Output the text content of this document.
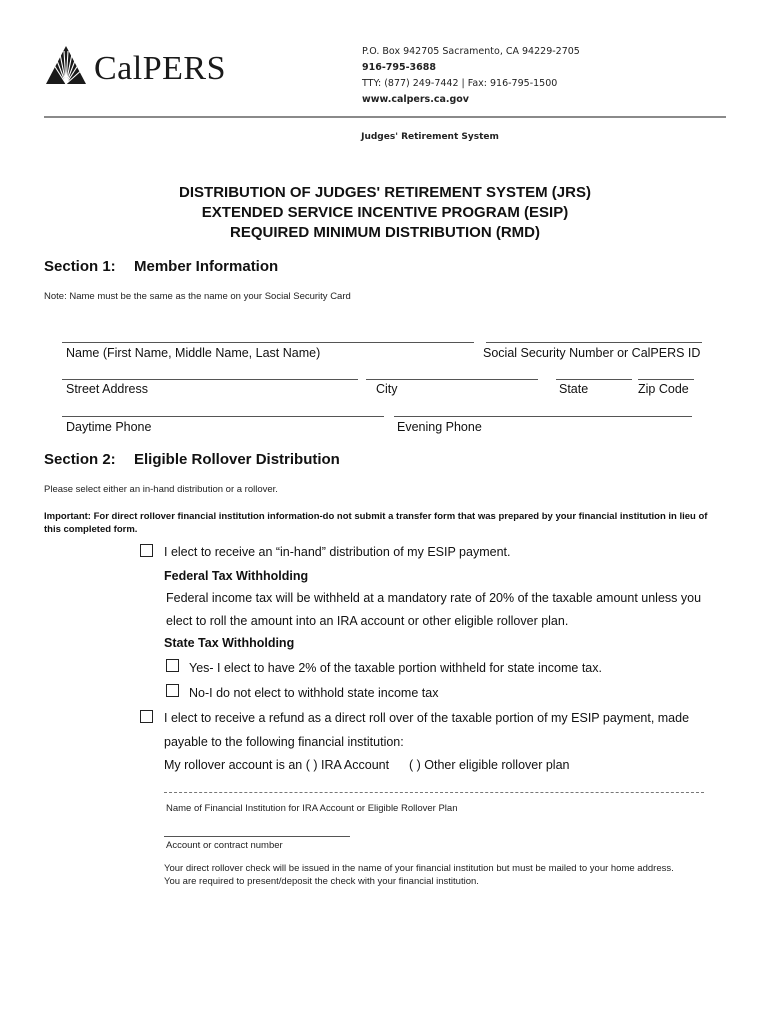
CalPERS	P.O. Box 942705 Sacramento, CA 94229-2705
916-795-3688
TTY: (877) 249-7442 | Fax: 916-795-1500
www.calpers.ca.gov
Judges' Retirement System
DISTRIBUTION OF JUDGES' RETIREMENT SYSTEM (JRS)
EXTENDED SERVICE INCENTIVE PROGRAM (ESIP)
REQUIRED MINIMUM DISTRIBUTION (RMD)
Section 1: Member Information
Note: Name must be the same as the name on your Social Security Card
Name (First Name, Middle Name, Last Name)	Social Security Number or CalPERS ID
Street Address	City	State	Zip Code
Daytime Phone	Evening Phone
Section 2: Eligible Rollover Distribution
Please select either an in-hand distribution or a rollover.
Important: For direct rollover financial institution information-do not submit a transfer form that was prepared by your financial institution in lieu of this completed form.
I elect to receive an “in-hand” distribution of my ESIP payment.
Federal Tax Withholding
Federal income tax will be withheld at a mandatory rate of 20% of the taxable amount unless you
elect to roll the amount into an IRA account or other eligible rollover plan.
State Tax Withholding
Yes- I elect to have 2% of the taxable portion withheld for state income tax.
No-I do not elect to withhold state income tax
I elect to receive a refund as a direct roll over of the taxable portion of my ESIP payment, made
payable to the following financial institution:
My rollover account is an ( ) IRA Account ( ) Other eligible rollover plan
Name of Financial Institution for IRA Account or Eligible Rollover Plan
Account or contract number
Your direct rollover check will be issued in the name of your financial institution but must be mailed to your home address.
You are required to present/deposit the check with your financial institution.
